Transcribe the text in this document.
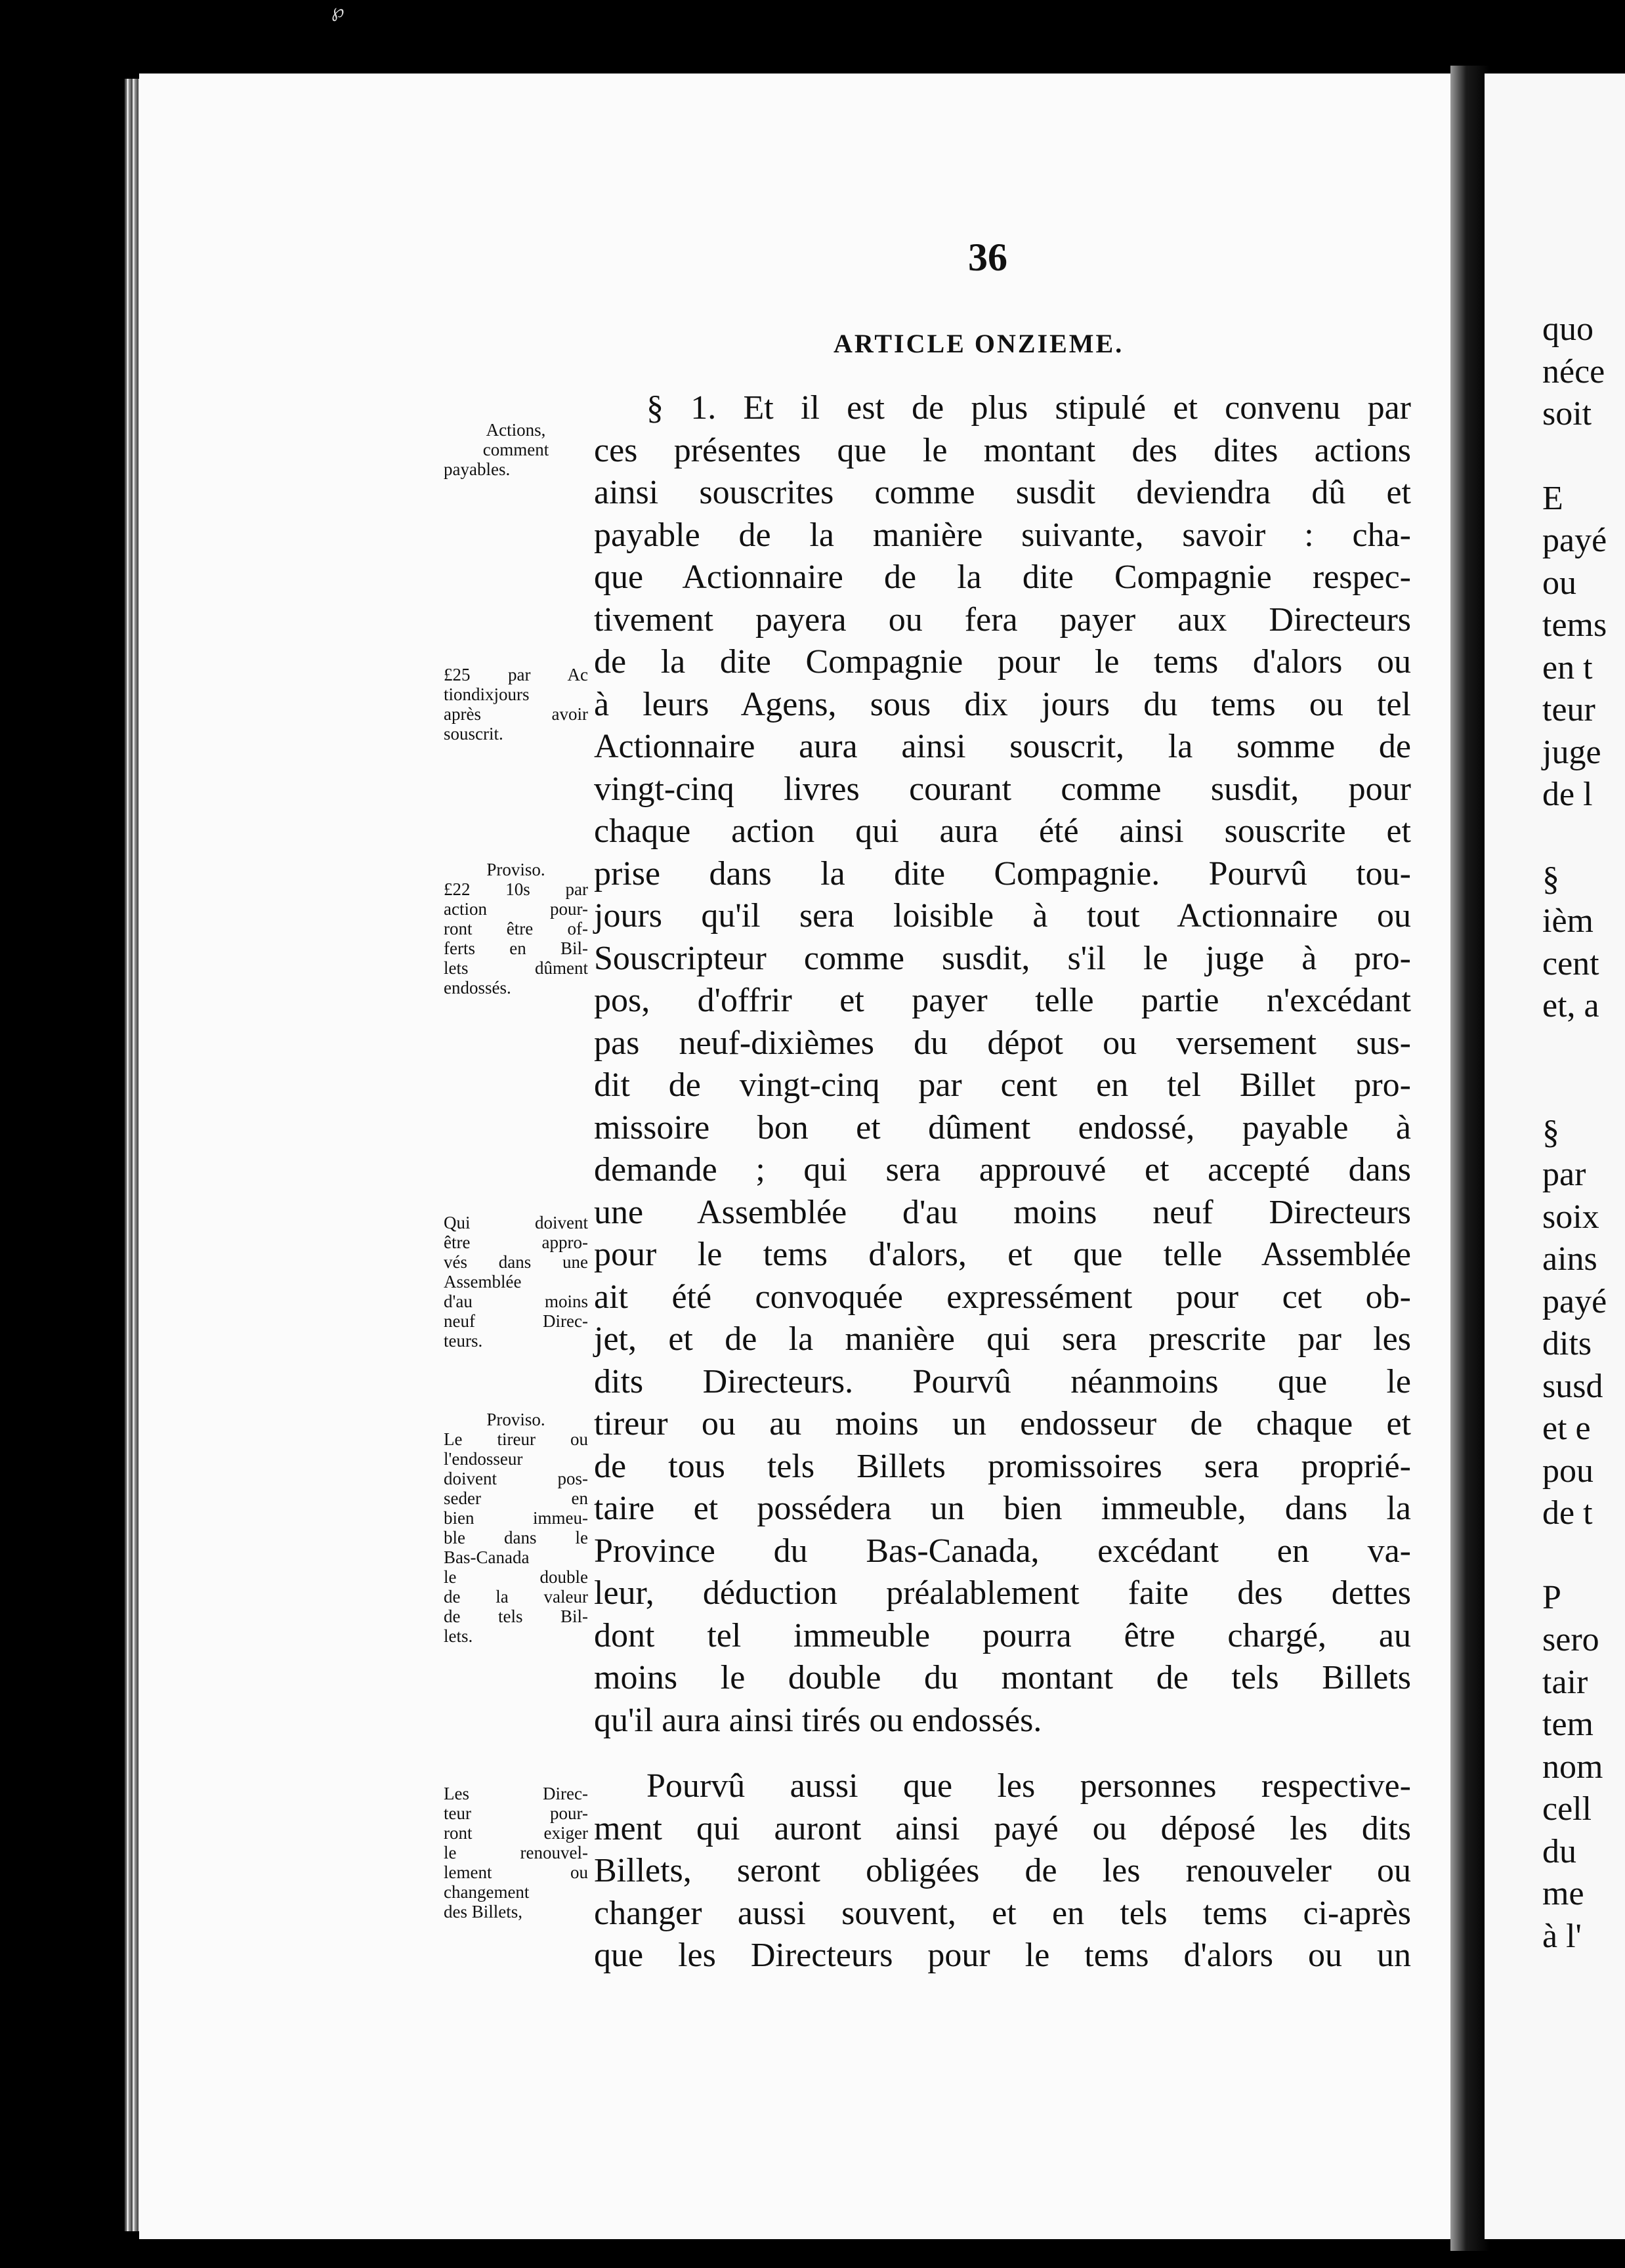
℘
36
ARTICLE ONZIEME.
§ 1. Et il est de plus stipulé et convenu par
ces présentes que le montant des dites actions
ainsi souscrites comme susdit deviendra dû et
payable de la manière suivante, savoir : cha-
que Actionnaire de la dite Compagnie respec-
tivement payera ou fera payer aux Directeurs
de la dite Compagnie pour le tems d'alors ou
à leurs Agens, sous dix jours du tems ou tel
Actionnaire aura ainsi souscrit, la somme de
vingt-cinq livres courant comme susdit, pour
chaque action qui aura été ainsi souscrite et
prise dans la dite Compagnie. Pourvû tou-
jours qu'il sera loisible à tout Actionnaire ou
Souscripteur comme susdit, s'il le juge à pro-
pos, d'offrir et payer telle partie n'excédant
pas neuf-dixièmes du dépot ou versement sus-
dit de vingt-cinq par cent en tel Billet pro-
missoire bon et dûment endossé, payable à
demande ; qui sera approuvé et accepté dans
une Assemblée d'au moins neuf Directeurs
pour le tems d'alors, et que telle Assemblée
ait été convoquée expressément pour cet ob-
jet, et de la manière qui sera prescrite par les
dits Directeurs. Pourvû néanmoins que le
tireur ou au moins un endosseur de chaque et
de tous tels Billets promissoires sera proprié-
taire et possédera un bien immeuble, dans la
Province du Bas-Canada, excédant en va-
leur, déduction préalablement faite des dettes
dont tel immeuble pourra être chargé, au
moins le double du montant de tels Billets
qu'il aura ainsi tirés ou endossés.
Pourvû aussi que les personnes respective-
ment qui auront ainsi payé ou déposé les dits
Billets, seront obligées de les renouveler ou
changer aussi souvent, et en tels tems ci-après
que les Directeurs pour le tems d'alors ou un
Actions,
comment
payables.
£25 par Ac
tiondixjours
après avoir
souscrit.
Proviso.
£22 10s par
action pour-
ront être of-
ferts en Bil-
lets dûment
endossés.
Qui doivent
être appro-
vés dans une
Assemblée
d'au moins
neuf Direc-
teurs.
Proviso.
Le tireur ou
l'endosseur
doivent pos-
seder en
bien immeu-
ble dans le
Bas-Canada
le double
de la valeur
de tels Bil-
lets.
Les Direc-
teur pour-
ront exiger
le renouvel-
lement ou
changement
des Billets,
quo
néce
soit
E
payé
ou
tems
en t
teur
juge
de l
§
ièm
cent
et, a
§
par
soix
ains
payé
dits
susd
et e
pou
de t
P
sero
tair
tem
nom
cell
du
me
à l'
